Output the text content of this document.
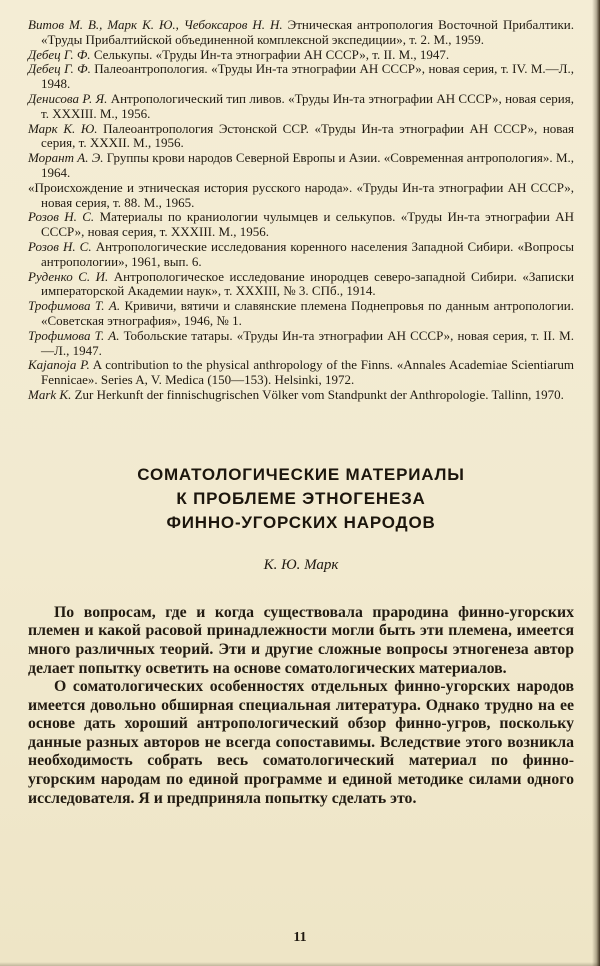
Витов М. В., Марк К. Ю., Чебоксаров Н. Н. Этническая антропология Восточной Прибалтики. «Труды Прибалтийской объединенной комплексной экспедиции», т. 2. М., 1959.

Дебец Г. Ф. Селькупы. «Труды Ин-та этнографии АН СССР», т. II. М., 1947.

Дебец Г. Ф. Палеоантропология. «Труды Ин-та этнографии АН СССР», новая серия, т. IV. М.—Л., 1948.

Денисова Р. Я. Антропологический тип ливов. «Труды Ин-та этнографии АН СССР», новая серия, т. XXXIII. М., 1956.

Марк К. Ю. Палеоантропология Эстонской ССР. «Труды Ин-та этнографии АН СССР», новая серия, т. XXXII. М., 1956.

Морант А. Э. Группы крови народов Северной Европы и Азии. «Современная антропология». М., 1964.

«Происхождение и этническая история русского народа». «Труды Ин-та этнографии АН СССР», новая серия, т. 88. М., 1965.

Розов Н. С. Материалы по краниологии чулымцев и селькупов. «Труды Ин-та этнографии АН СССР», новая серия, т. XXXIII. М., 1956.

Розов Н. С. Антропологические исследования коренного населения Западной Сибири. «Вопросы антропологии», 1961, вып. 6.

Руденко С. И. Антропологическое исследование инородцев северо-западной Сибири. «Записки императорской Академии наук», т. XXXIII, № 3. СПб., 1914.

Трофимова Т. А. Кривичи, вятичи и славянские племена Поднепровья по данным антропологии. «Советская этнография», 1946, № 1.

Трофимова Т. А. Тобольские татары. «Труды Ин-та этнографии АН СССР», новая серия, т. II. М.—Л., 1947.

Kajanoja P. A contribution to the physical anthropology of the Finns. «Annales Academiae Scientiarum Fennicae». Series A, V. Medica (150—153). Helsinki, 1972.

Mark K. Zur Herkunft der finnischugrischen Völker vom Standpunkt der Anthropologie. Tallinn, 1970.

СОМАТОЛОГИЧЕСКИЕ МАТЕРИАЛЫ
К ПРОБЛЕМЕ ЭТНОГЕНЕЗА
ФИННО-УГОРСКИХ НАРОДОВ
К. Ю. Марк

По вопросам, где и когда существовала прародина финно-угорских племен и какой расовой принадлежности могли быть эти племена, имеется много различных теорий. Эти и другие сложные вопросы этногенеза автор делает попытку осветить на основе соматологических материалов.

О соматологических особенностях отдельных финно-угорских народов имеется довольно обширная специальная литература. Однако трудно на ее основе дать хороший антропологический обзор финно-угров, поскольку данные разных авторов не всегда сопоставимы. Вследствие этого возникла необходимость собрать весь соматологический материал по финно-угорским народам по единой программе и единой методике силами одного исследователя. Я и предприняла попытку сделать это.

11
